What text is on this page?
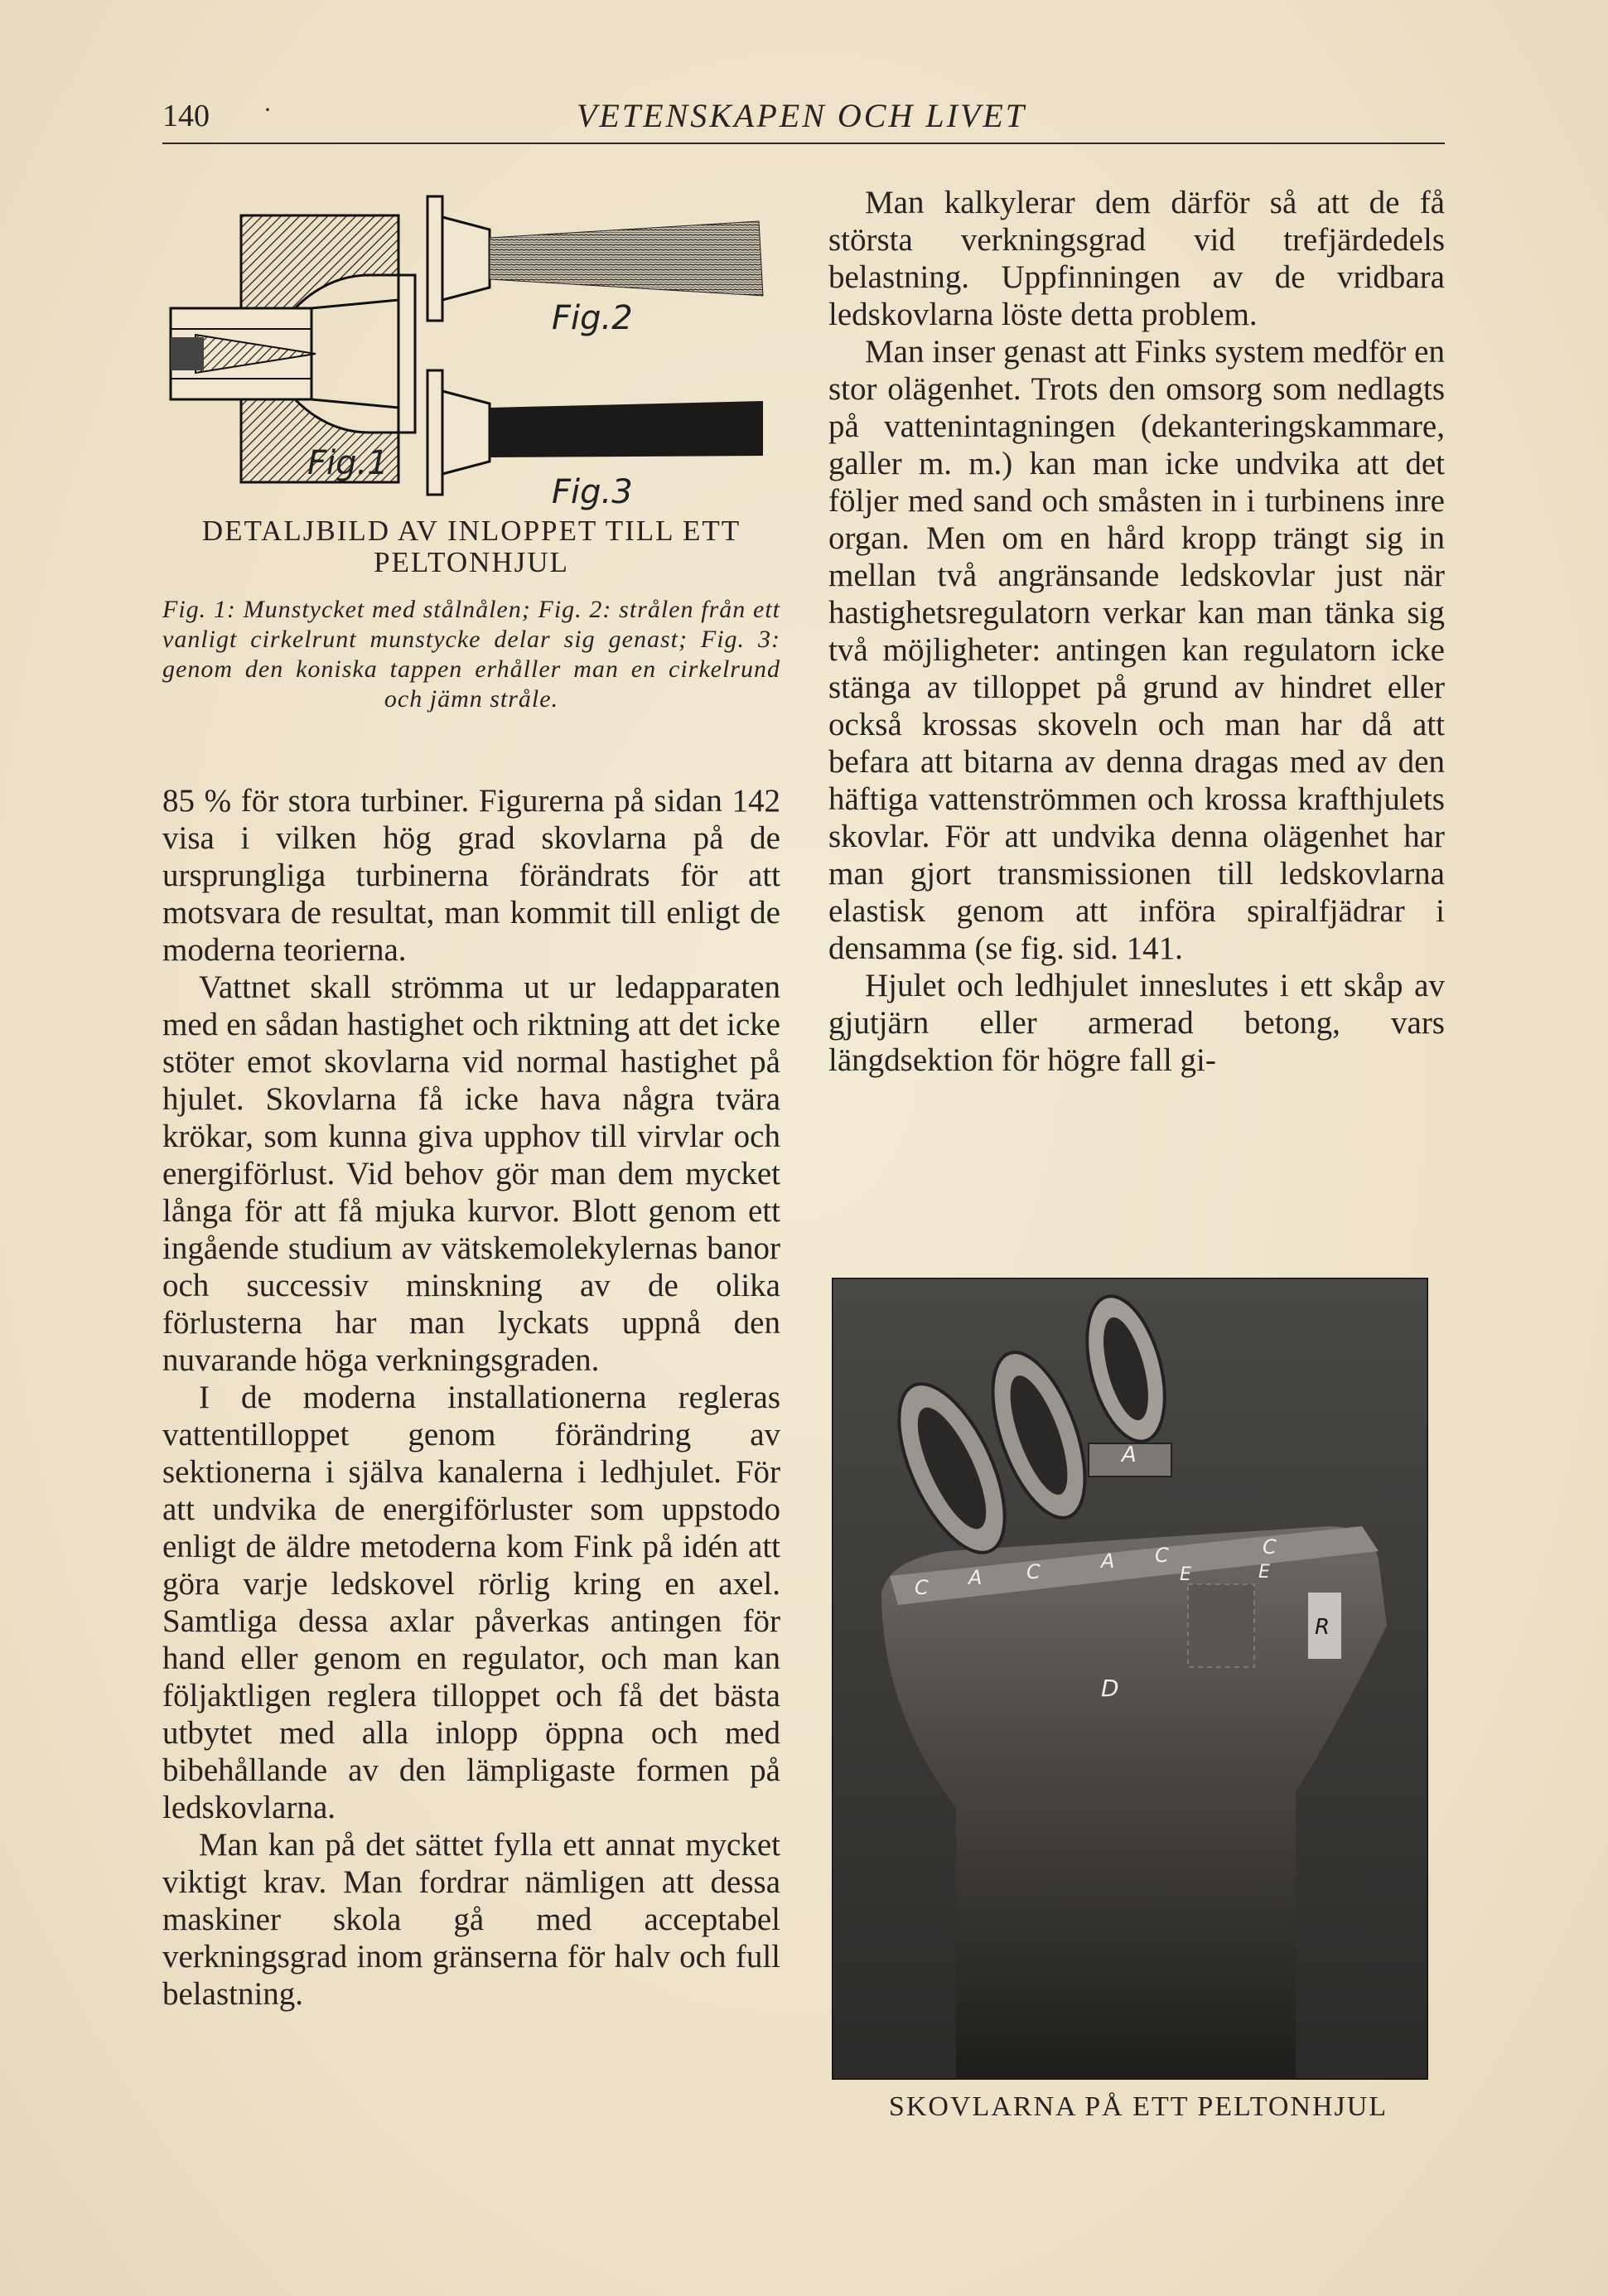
140 ·	VETENSKAPEN OCH LIVET
Fig.1
Fig.2
Fig.3
DETALJBILD AV INLOPPET TILL ETT PELTONHJUL
Fig. 1: Munstycket med stålnålen; Fig. 2: strålen från ett vanligt cirkelrunt munstycke delar sig genast; Fig. 3: genom den koniska tappen erhåller man en cirkelrund och jämn stråle.

85 % för stora turbiner. Figurerna på sidan 142 visa i vilken hög grad skovlarna på de ursprungliga turbinerna förändrats för att motsvara de resultat, man kommit till enligt de moderna teorierna.

Vattnet skall strömma ut ur ledapparaten med en sådan hastighet och riktning att det icke stöter emot skovlarna vid normal hastighet på hjulet. Skovlarna få icke hava några tvära krökar, som kunna giva upphov till virvlar och energiförlust. Vid behov gör man dem mycket långa för att få mjuka kurvor. Blott genom ett ingående studium av vätskemolekylernas banor och successiv minskning av de olika förlusterna har man lyckats uppnå den nuvarande höga verkningsgraden.

I de moderna installationerna regleras vattentilloppet genom förändring av sektionerna i själva kanalerna i ledhjulet. För att undvika de energiförluster som uppstodo enligt de äldre metoderna kom Fink på idén att göra varje ledskovel rörlig kring en axel. Samtliga dessa axlar påverkas antingen för hand eller genom en regulator, och man kan följaktligen reglera tilloppet och få det bästa utbytet med alla inlopp öppna och med bibehållande av den lämpligaste formen på ledskovlarna.

Man kan på det sättet fylla ett annat mycket viktigt krav. Man fordrar nämligen att dessa maskiner skola gå med acceptabel verkningsgrad inom gränserna för halv och full belastning.

Man kalkylerar dem därför så att de få största verkningsgrad vid trefjärdedels belastning. Uppfinningen av de vridbara ledskovlarna löste detta problem.

Man inser genast att Finks system medför en stor olägenhet. Trots den omsorg som nedlagts på vattenintagningen (dekanteringskammare, galler m. m.) kan man icke undvika att det följer med sand och småsten in i turbinens inre organ. Men om en hård kropp trängt sig in mellan två angränsande ledskovlar just när hastighetsregulatorn verkar kan man tänka sig två möjligheter: antingen kan regulatorn icke stänga av tilloppet på grund av hindret eller också krossas skoveln och man har då att befara att bitarna av denna dragas med av den häftiga vattenströmmen och krossa krafthjulets skovlar. För att undvika denna olägenhet har man gjort transmissionen till ledskovlarna elastisk genom att införa spiralfjädrar i densamma (se fig. sid. 141.

Hjulet och ledhjulet inneslutes i ett skåp av gjutjärn eller armerad betong, vars längdsektion för högre fall gi-

A
C A C	A C	C
E	E
R
D
SKOVLARNA PÅ ETT PELTONHJUL
